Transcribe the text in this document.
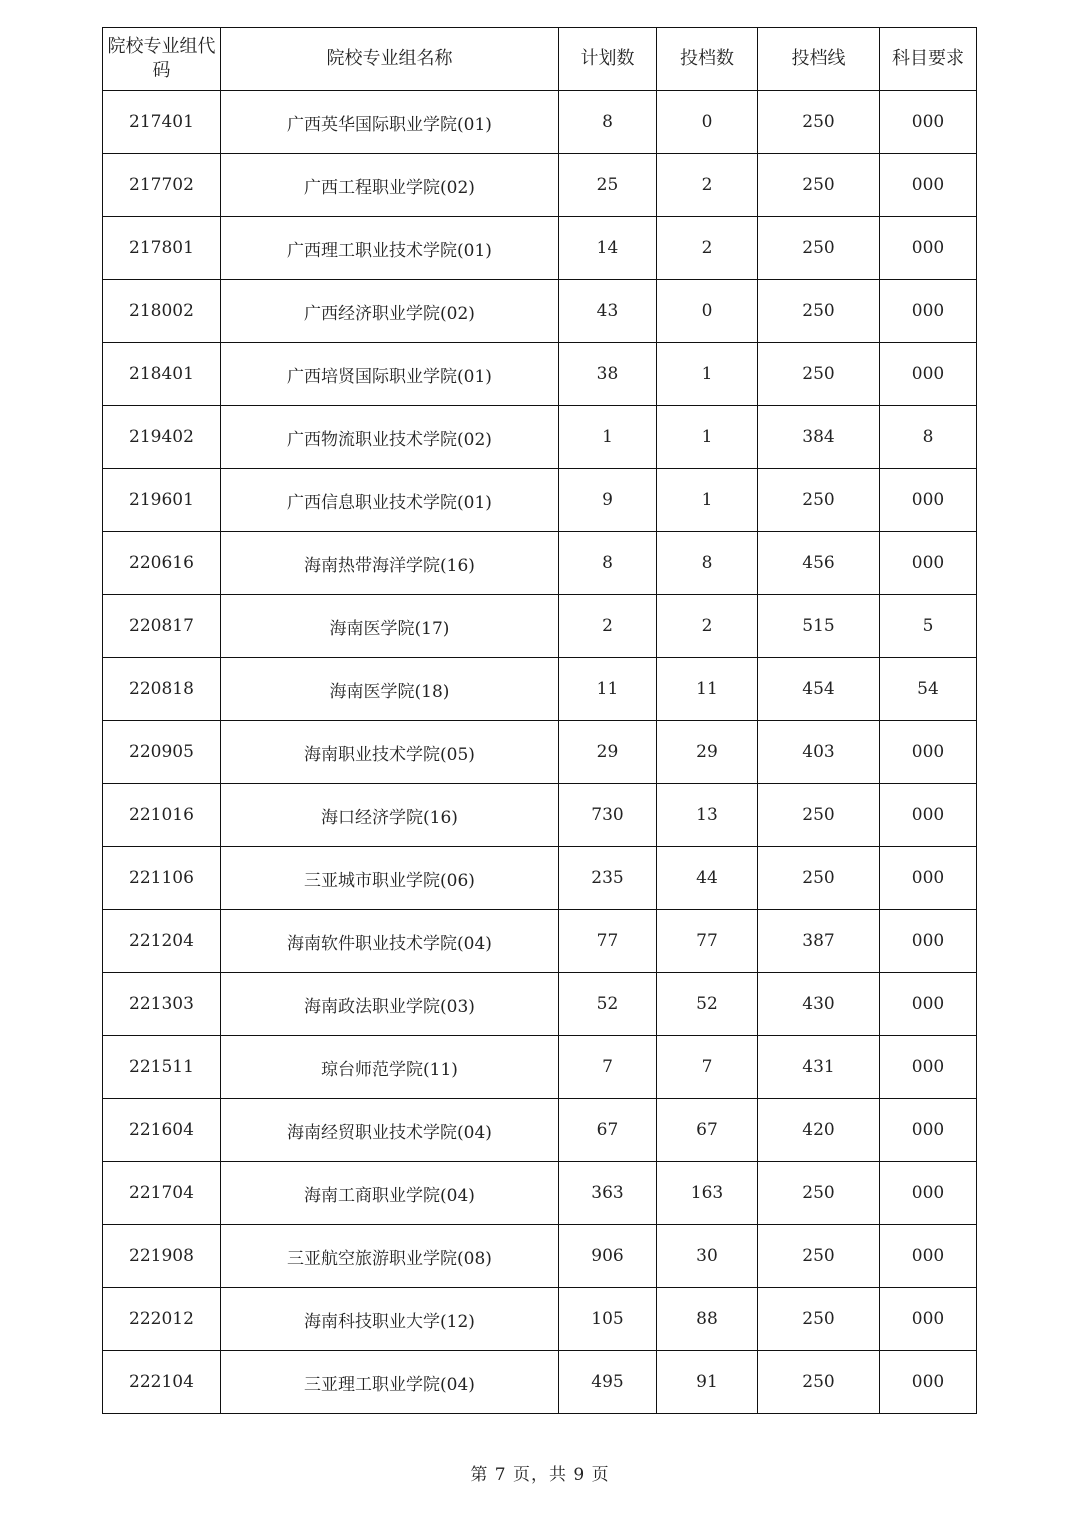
院校专业组代码	院校专业组名称	计划数	投档数	投档线	科目要求
217401	广西英华国际职业学院(01)	8	0	250	000
217702	广西工程职业学院(02)	25	2	250	000
217801	广西理工职业技术学院(01)	14	2	250	000
218002	广西经济职业学院(02)	43	0	250	000
218401	广西培贤国际职业学院(01)	38	1	250	000
219402	广西物流职业技术学院(02)	1	1	384	8
219601	广西信息职业技术学院(01)	9	1	250	000
220616	海南热带海洋学院(16)	8	8	456	000
220817	海南医学院(17)	2	2	515	5
220818	海南医学院(18)	11	11	454	54
220905	海南职业技术学院(05)	29	29	403	000
221016	海口经济学院(16)	730	13	250	000
221106	三亚城市职业学院(06)	235	44	250	000
221204	海南软件职业技术学院(04)	77	77	387	000
221303	海南政法职业学院(03)	52	52	430	000
221511	琼台师范学院(11)	7	7	431	000
221604	海南经贸职业技术学院(04)	67	67	420	000
221704	海南工商职业学院(04)	363	163	250	000
221908	三亚航空旅游职业学院(08)	906	30	250	000
222012	海南科技职业大学(12)	105	88	250	000
222104	三亚理工职业学院(04)	495	91	250	000
第 7 页，共 9 页
